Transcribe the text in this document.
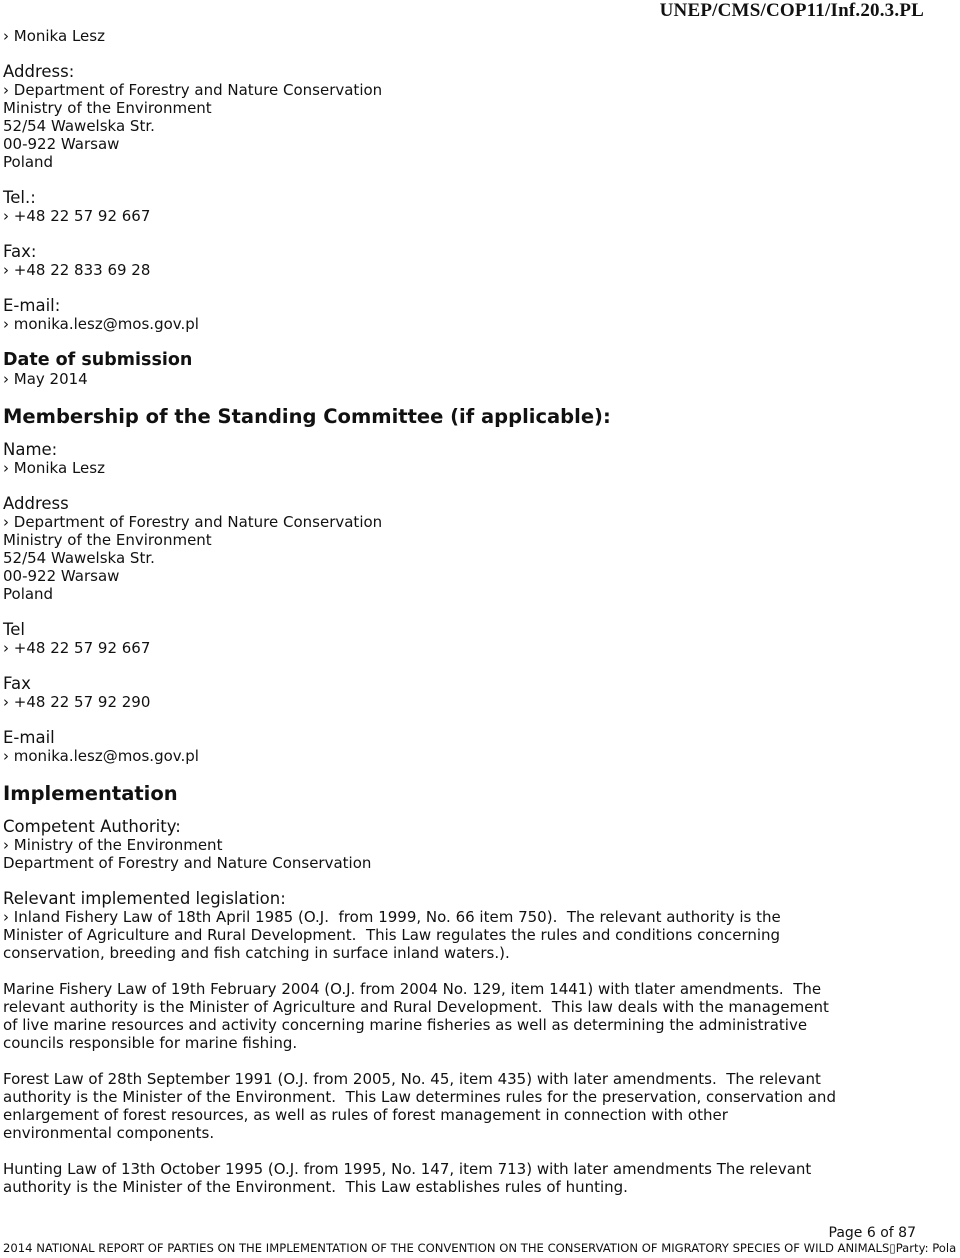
UNEP/CMS/COP11/Inf.20.3.PL

› Monika Lesz

Address:

› Department of Forestry and Nature Conservation

Ministry of the Environment

52/54 Wawelska Str.

00-922 Warsaw

Poland

Tel.:

› +48 22 57 92 667

Fax:

› +48 22 833 69 28

E-mail:

› monika.lesz@mos.gov.pl

Date of submission

› May 2014

Membership of the Standing Committee (if applicable):

Name:

› Monika Lesz

Address

› Department of Forestry and Nature Conservation

Ministry of the Environment

52/54 Wawelska Str.

00-922 Warsaw

Poland

Tel

› +48 22 57 92 667

Fax

› +48 22 57 92 290

E-mail

› monika.lesz@mos.gov.pl

Implementation

Competent Authority:

› Ministry of the Environment

Department of Forestry and Nature Conservation

Relevant implemented legislation:

› Inland Fishery Law of 18th April 1985 (O.J.  from 1999, No. 66 item 750).  The relevant authority is the
Minister of Agriculture and Rural Development.  This Law regulates the rules and conditions concerning
conservation, breeding and fish catching in surface inland waters.).

Marine Fishery Law of 19th February 2004 (O.J. from 2004 No. 129, item 1441) with tlater amendments.  The
relevant authority is the Minister of Agriculture and Rural Development.  This law deals with the management
of live marine resources and activity concerning marine fisheries as well as determining the administrative
councils responsible for marine fishing.

Forest Law of 28th September 1991 (O.J. from 2005, No. 45, item 435) with later amendments.  The relevant
authority is the Minister of the Environment.  This Law determines rules for the preservation, conservation and
enlargement of forest resources, as well as rules of forest management in connection with other
environmental components.

Hunting Law of 13th October 1995 (O.J. from 1995, No. 147, item 713) with later amendments The relevant
authority is the Minister of the Environment.  This Law establishes rules of hunting.

Page 6 of 87
2014 NATIONAL REPORT OF PARTIES ON THE IMPLEMENTATION OF THE CONVENTION ON THE CONSERVATION OF MIGRATORY SPECIES OF WILD ANIMALS▯Party: Pola
